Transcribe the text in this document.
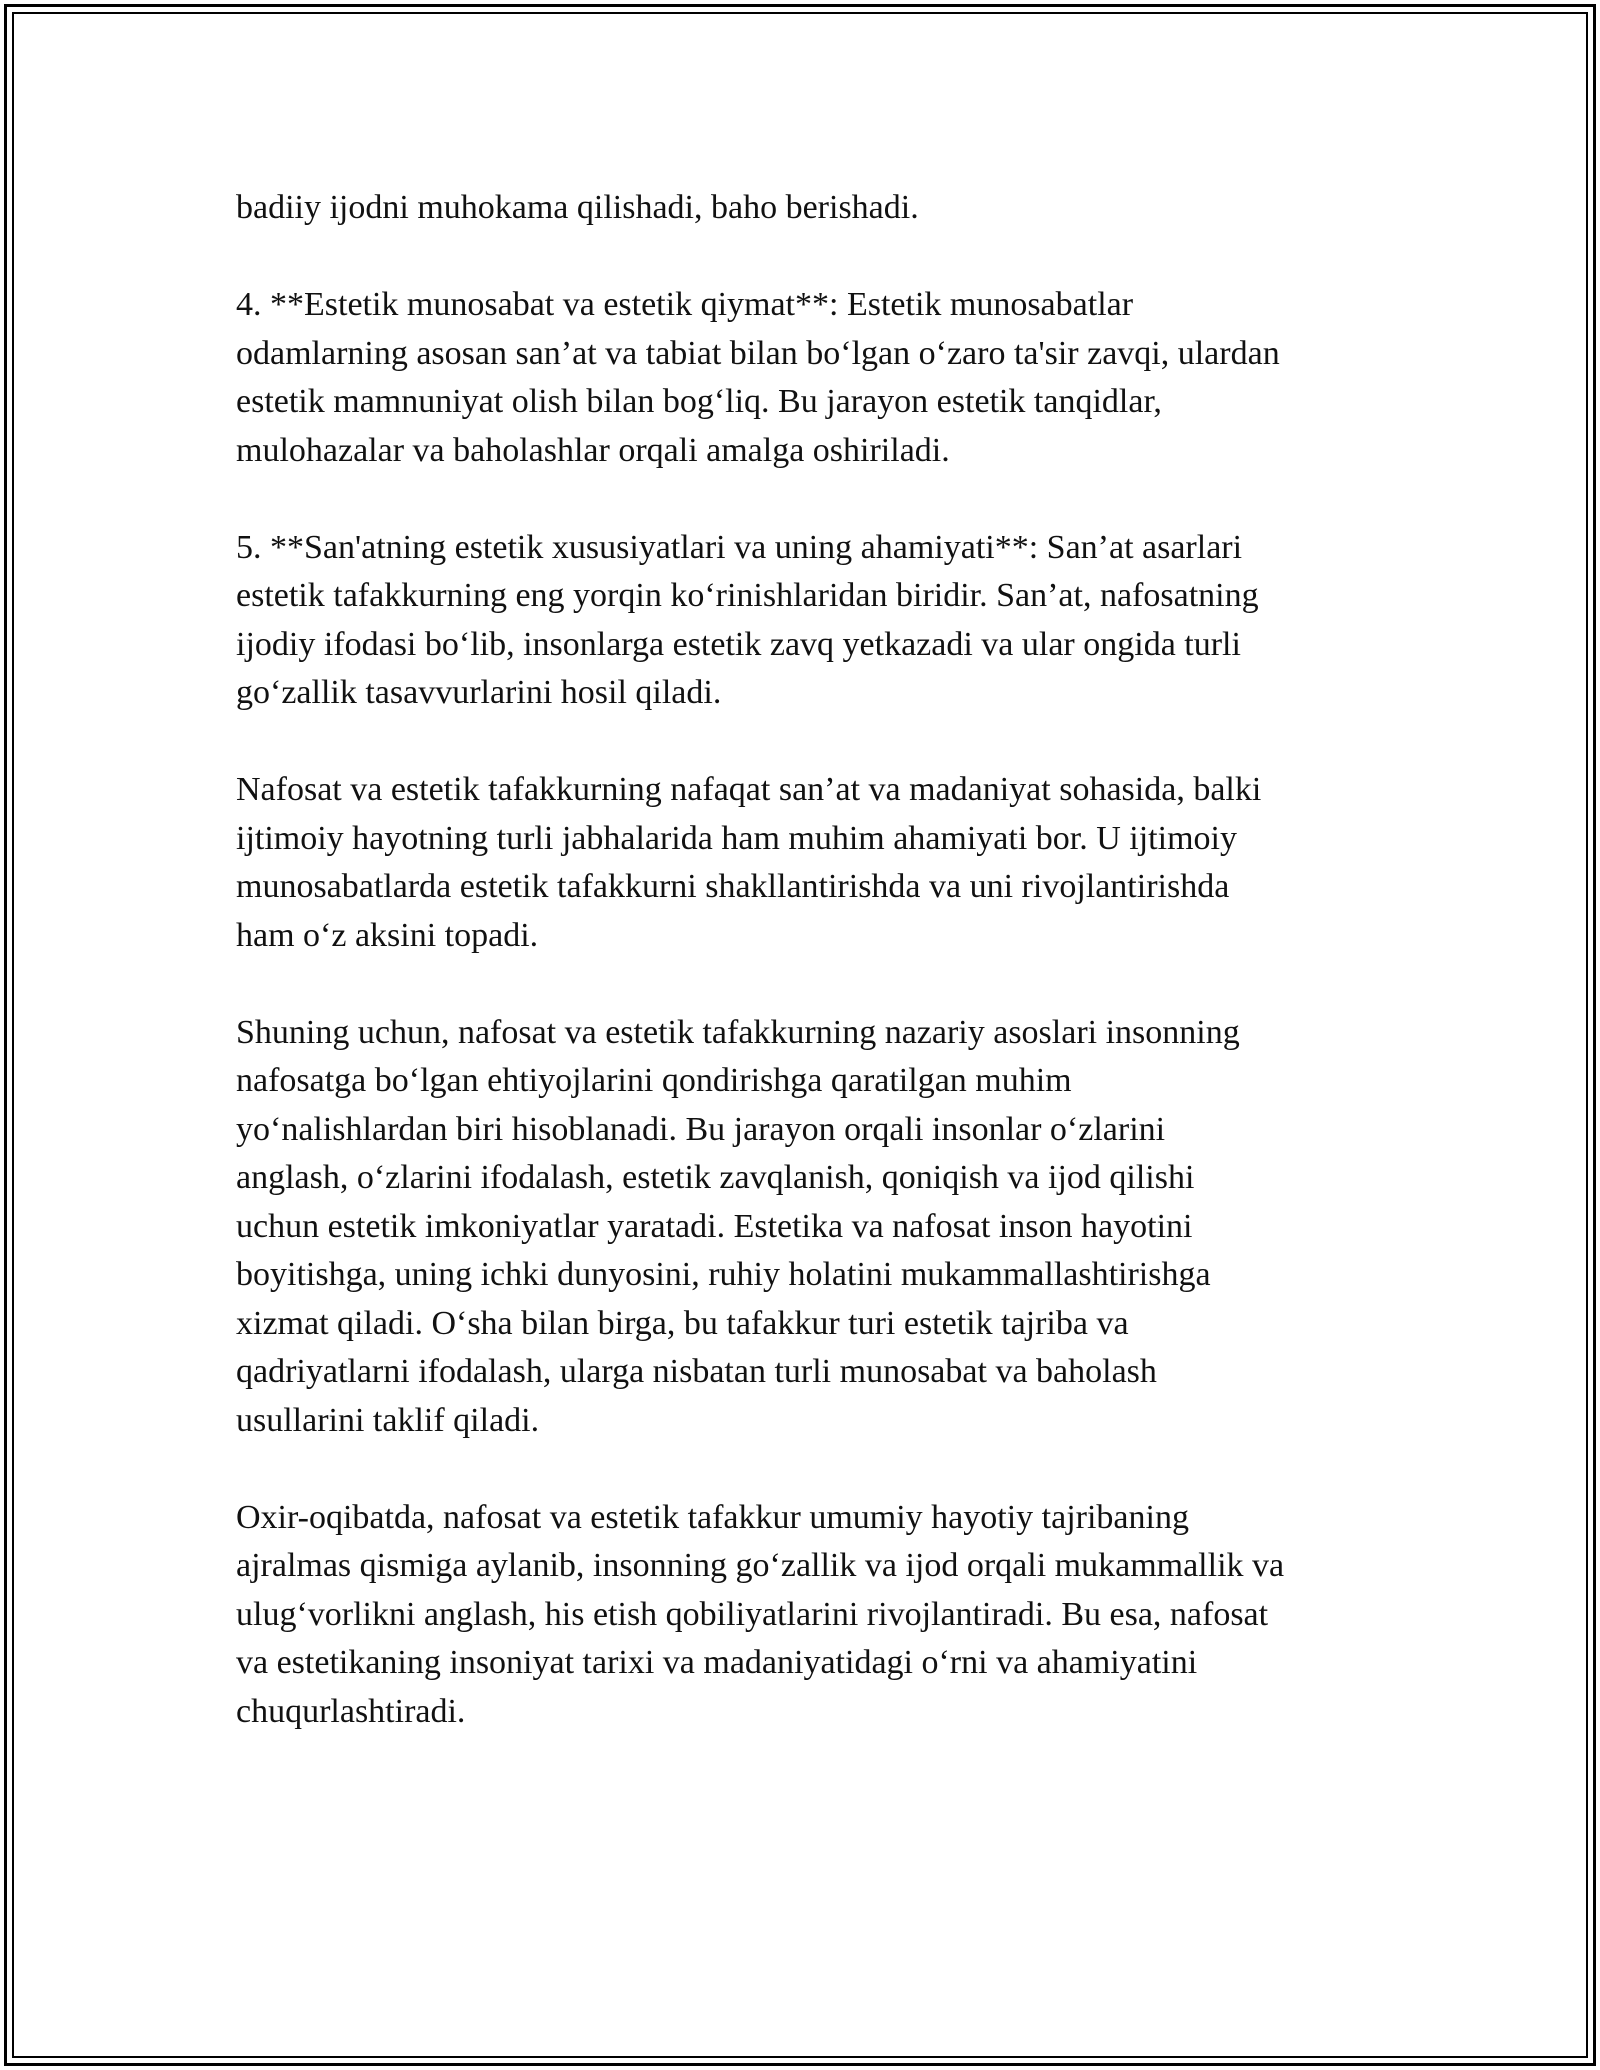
badiiy ijodni muhokama qilishadi, baho berishadi.

4. **Estetik munosabat va estetik qiymat**: Estetik munosabatlar
odamlarning asosan san’at va tabiat bilan bo‘lgan o‘zaro ta'sir zavqi, ulardan
estetik mamnuniyat olish bilan bog‘liq. Bu jarayon estetik tanqidlar,
mulohazalar va baholashlar orqali amalga oshiriladi.

5. **San'atning estetik xususiyatlari va uning ahamiyati**: San’at asarlari
estetik tafakkurning eng yorqin ko‘rinishlaridan biridir. San’at, nafosatning
ijodiy ifodasi bo‘lib, insonlarga estetik zavq yetkazadi va ular ongida turli
go‘zallik tasavvurlarini hosil qiladi.

Nafosat va estetik tafakkurning nafaqat san’at va madaniyat sohasida, balki
ijtimoiy hayotning turli jabhalarida ham muhim ahamiyati bor. U ijtimoiy
munosabatlarda estetik tafakkurni shakllantirishda va uni rivojlantirishda
ham o‘z aksini topadi.

Shuning uchun, nafosat va estetik tafakkurning nazariy asoslari insonning
nafosatga bo‘lgan ehtiyojlarini qondirishga qaratilgan muhim
yo‘nalishlardan biri hisoblanadi. Bu jarayon orqali insonlar o‘zlarini
anglash, o‘zlarini ifodalash, estetik zavqlanish, qoniqish va ijod qilishi
uchun estetik imkoniyatlar yaratadi. Estetika va nafosat inson hayotini
boyitishga, uning ichki dunyosini, ruhiy holatini mukammallashtirishga
xizmat qiladi. O‘sha bilan birga, bu tafakkur turi estetik tajriba va
qadriyatlarni ifodalash, ularga nisbatan turli munosabat va baholash
usullarini taklif qiladi.

Oxir-oqibatda, nafosat va estetik tafakkur umumiy hayotiy tajribaning
ajralmas qismiga aylanib, insonning go‘zallik va ijod orqali mukammallik va
ulug‘vorlikni anglash, his etish qobiliyatlarini rivojlantiradi. Bu esa, nafosat
va estetikaning insoniyat tarixi va madaniyatidagi o‘rni va ahamiyatini
chuqurlashtiradi.
